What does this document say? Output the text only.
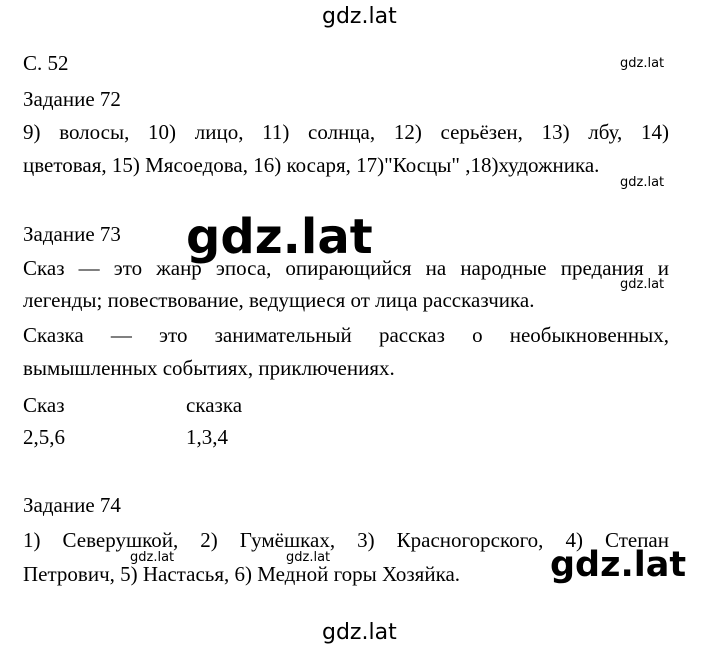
gdz.lat
С. 52	gdz.lat
Задание 72
9) волосы, 10) лицо, 11) солнца, 12) серьёзен, 13) лбу, 14)
цветовая, 15) Мясоедова, 16) косаря, 17)"Косцы" ,18)художника.
gdz.lat
Задание 73 gdz.lat
Сказ — это жанр эпоса, опирающийся на народные предания и
легенды; повествование, ведущиеся от лица рассказчика.
gdz.lat
Сказка — это занимательный рассказ о необыкновенных,
вымышленных событиях, приключениях.
Сказ	сказка
2,5,6	1,3,4
Задание 74
1) Северушкой, 2) Гумёшках, 3) Красногорского, 4) Степан
gdz.lat	gdz.lat
Петрович, 5) Настасья, 6) Медной горы Хозяйка.	gdz.lat
gdz.lat
